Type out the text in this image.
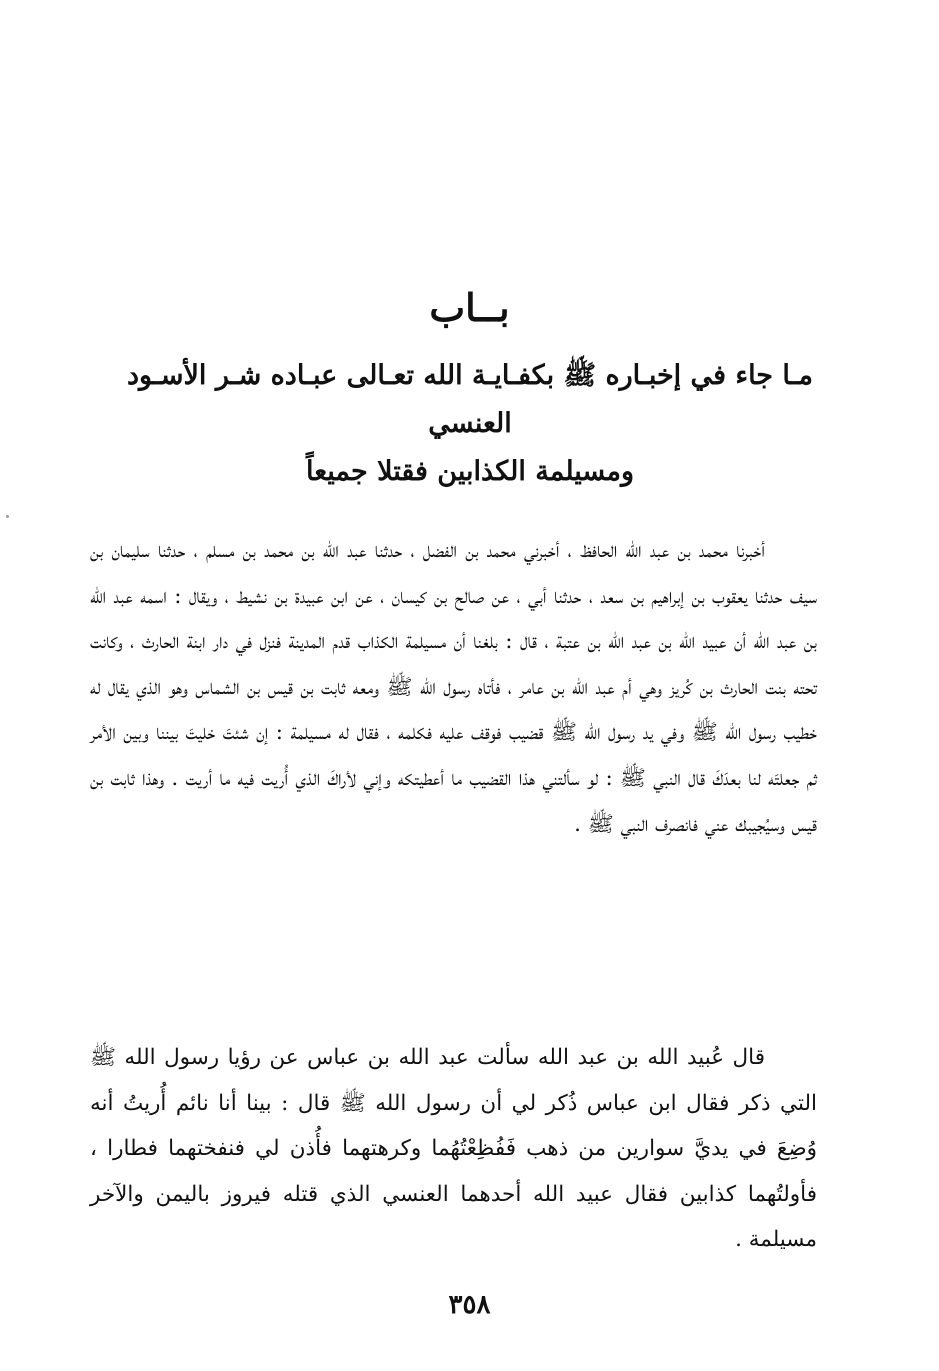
بــاب
مـا جاء في إخبـاره ﷺ بكفـايـة الله تعـالى عبـاده شـر الأسـود العنسي
ومسيلمة الكذابين فقتلا جميعاً

أخبرنا محمد بن عبد الله الحافظ ، أخبرني محمد بن الفضل ، حدثنا عبد الله بن محمد بن مسلم ، حدثنا سليمان بن سيف حدثنا يعقوب بن إبراهيم بن سعد ، حدثنا أبي ، عن صالح بن كيسان ، عن ابن عبيدة بن نشيط ، ويقال : اسمه عبد الله بن عبد الله أن عبيد الله بن عبد الله بن عتبة ، قال : بلغنا أن مسيلمة الكذاب قدم المدينة فنزل في دار ابنة الحارث ، وكانت تحته بنت الحارث بن كُريز وهي أم عبد الله بن عامر ، فأتاه رسول الله ﷺ ومعه ثابت بن قيس بن الشماس وهو الذي يقال له خطيب رسول الله ﷺ وفي يد رسول الله ﷺ قضيب فوقف عليه فكلمه ، فقال له مسيلمة : إن شئتَ خليتَ بيننا وبين الأمر ثم جعلتَه لنا بعدَكَ قال النبي ﷺ : لو سألتني هذا القضيب ما أعطيتكه وإني لأراكَ الذي أُريت فيه ما أريت . وهذا ثابت بن قيس وسيُجيبك عني فانصرف النبي ﷺ .

قال عُبيد الله بن عبد الله سألت عبد الله بن عباس عن رؤيا رسول الله ﷺ التي ذكر فقال ابن عباس ذُكر لي أن رسول الله ﷺ قال : بينا أنا نائم أُريتُ أنه وُضِعَ في يديَّ سوارين من ذهب فَفُظِعْتُهُما وكرهتهما فأُذن لي فنفختهما فطارا ، فأولتُهما كذابين فقال عبيد الله أحدهما العنسي الذي قتله فيروز باليمن والآخر مسيلمة .

٣٥٨
